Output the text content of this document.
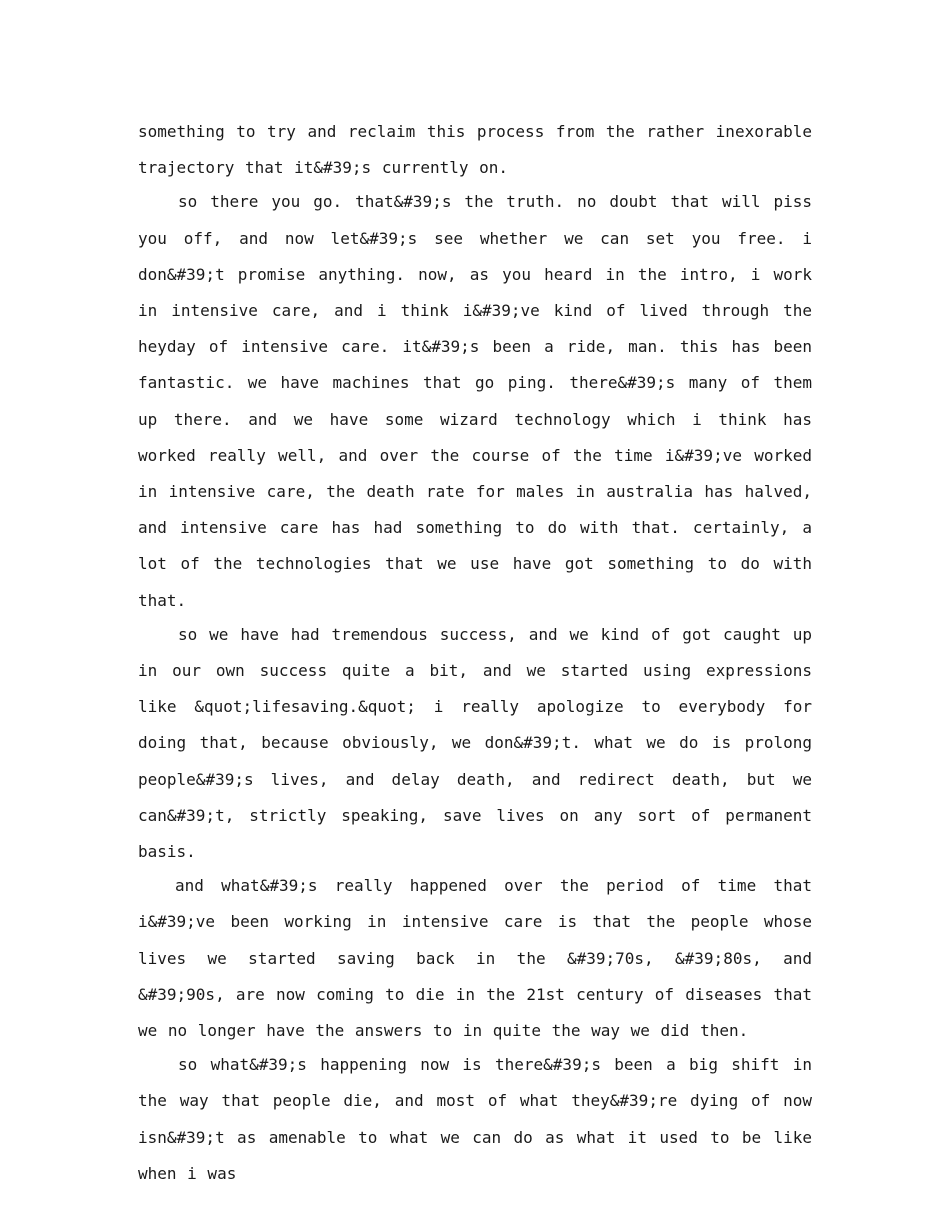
something to try and reclaim this process from the rather inexorable trajectory that it&#39;s currently on.

so there you go. that&#39;s the truth. no doubt that will piss you off, and now let&#39;s see whether we can set you free. i don&#39;t promise anything. now, as you heard in the intro, i work in intensive care, and i think i&#39;ve kind of lived through the heyday of intensive care. it&#39;s been a ride, man. this has been fantastic. we have machines that go ping. there&#39;s many of them up there. and we have some wizard technology which i think has worked really well, and over the course of the time i&#39;ve worked in intensive care, the death rate for males in australia has halved, and intensive care has had something to do with that. certainly, a lot of the technologies that we use have got something to do with that.

so we have had tremendous success, and we kind of got caught up in our own success quite a bit, and we started using expressions like &quot;lifesaving.&quot; i really apologize to everybody for doing that, because obviously, we don&#39;t. what we do is prolong people&#39;s lives, and delay death, and redirect death, but we can&#39;t, strictly speaking, save lives on any sort of permanent basis.

and what&#39;s really happened over the period of time that i&#39;ve been working in intensive care is that the people whose lives we started saving back in the &#39;70s, &#39;80s, and &#39;90s, are now coming to die in the 21st century of diseases that we no longer have the answers to in quite the way we did then.

so what&#39;s happening now is there&#39;s been a big shift in the way that people die, and most of what they&#39;re dying of now isn&#39;t as amenable to what we can do as what it used to be like when i was
